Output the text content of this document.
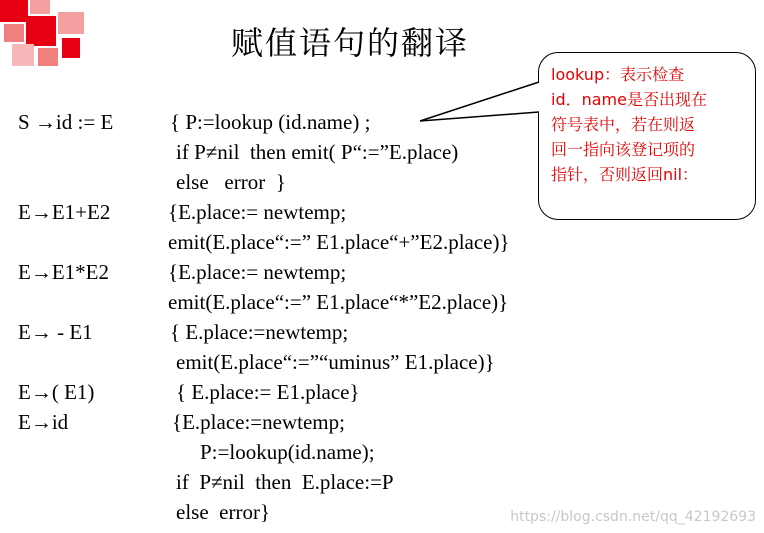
赋值语句的翻译
S →id := E	{ P:=lookup (id.name) ;
if P≠nil  then emit( P“:=”E.place)
else   error  }
E→E1+E2	{E.place:= newtemp;
emit(E.place“:=” E1.place“+”E2.place)}
E→E1*E2	{E.place:= newtemp;
emit(E.place“:=” E1.place“*”E2.place)}
E→ - E1	{ E.place:=newtemp;
emit(E.place“:=”“uminus” E1.place)}
E→( E1)	{ E.place:= E1.place}
E→id	{E.place:=newtemp;
P:=lookup(id.name);
if  P≠nil  then  E.place:=P
else  error}
lookup：表示检查
id．name是否出现在
符号表中，若在则返
回一指向该登记项的
指针，否则返回nil：
https://blog.csdn.net/qq_42192693
